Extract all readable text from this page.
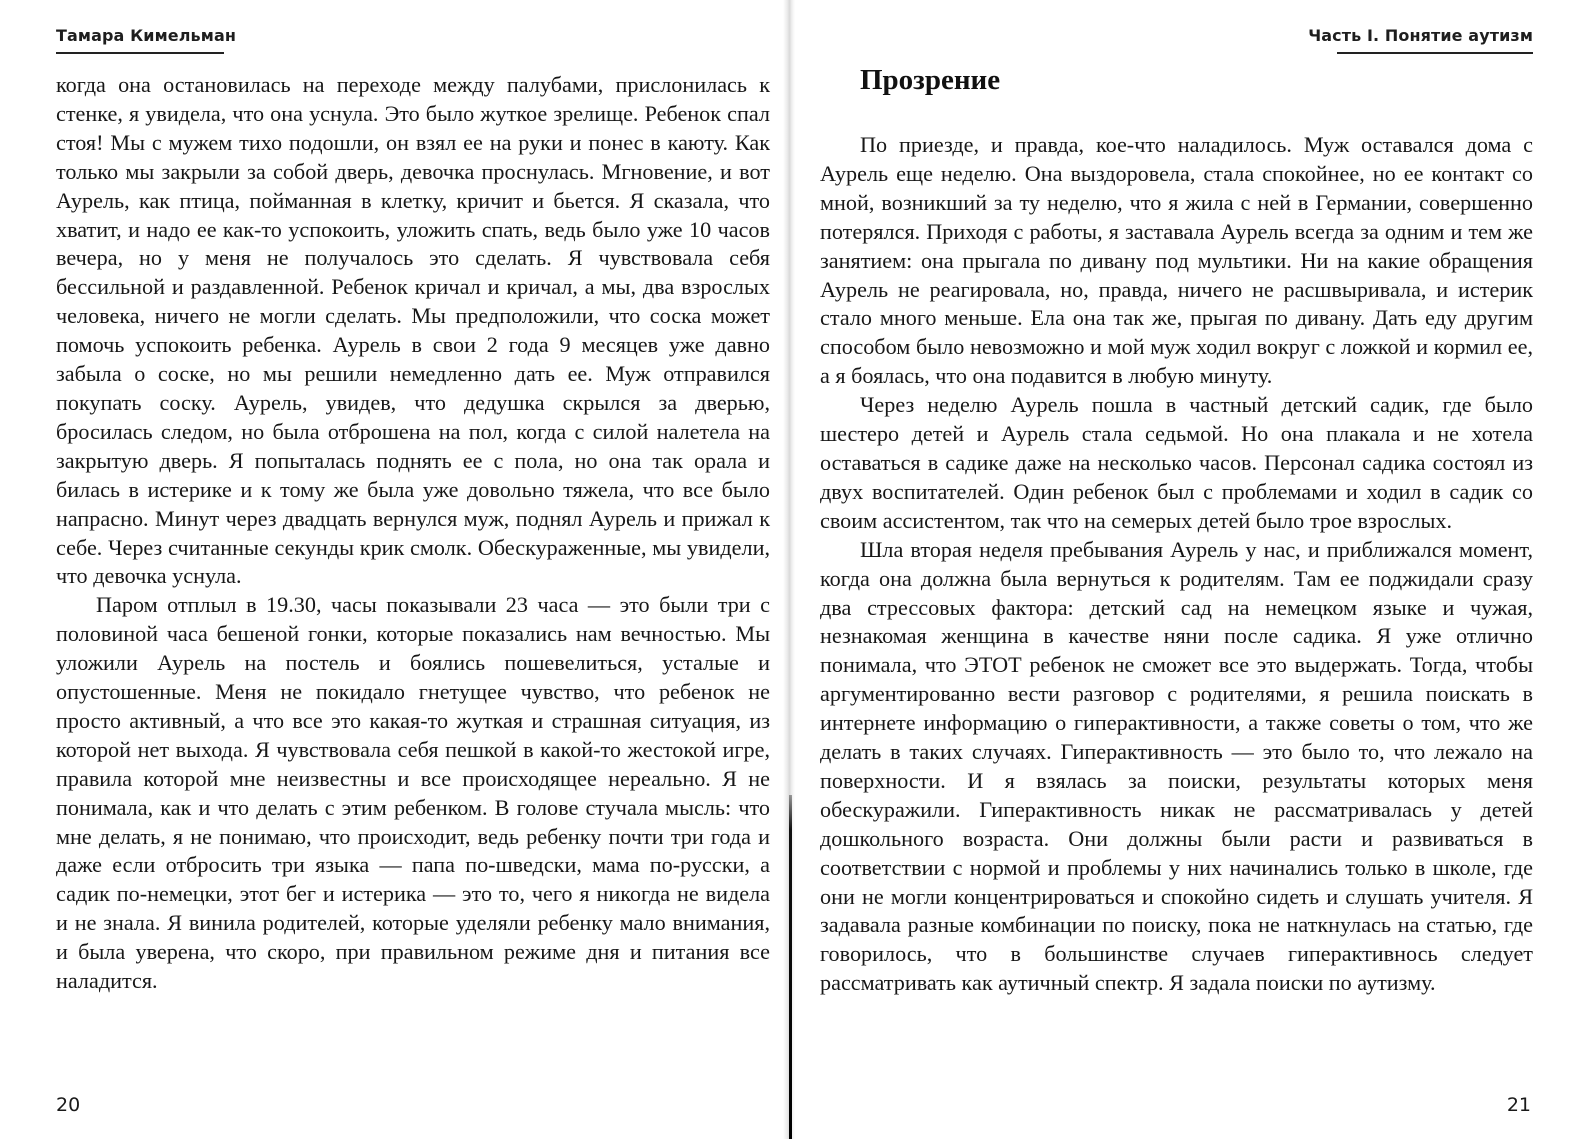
Тамара Кимельман

когда она остановилась на переходе между палубами, прислонилась к стенке, я увидела, что она уснула. Это было жуткое зрелище. Ребенок спал стоя! Мы с мужем тихо подошли, он взял ее на руки и понес в каюту. Как только мы закрыли за собой дверь, девочка проснулась. Мгновение, и вот Аурель, как птица, пойманная в клетку, кричит и бьется. Я сказала, что хватит, и надо ее как-то успокоить, уложить спать, ведь было уже 10 часов вечера, но у меня не получалось это сделать. Я чувствовала себя бессильной и раздавленной. Ребенок кричал и кричал, а мы, два взрослых человека, ничего не могли сделать. Мы предположили, что соска может помочь успокоить ребенка. Аурель в свои 2 года 9 месяцев уже давно забыла о соске, но мы решили немедленно дать ее. Муж отправился покупать соску. Аурель, увидев, что дедушка скрылся за дверью, бросилась следом, но была отброшена на пол, когда с силой налетела на закрытую дверь. Я попыталась поднять ее с пола, но она так орала и билась в истерике и к тому же была уже довольно тяжела, что все было напрасно. Минут через двадцать вернулся муж, поднял Аурель и прижал к себе. Через считанные секунды крик смолк. Обескураженные, мы увидели, что девочка уснула.

Паром отплыл в 19.30, часы показывали 23 часа — это были три с половиной часа бешеной гонки, которые показались нам вечностью. Мы уложили Аурель на постель и боялись пошевелиться, усталые и опустошенные. Меня не покидало гнетущее чувство, что ребенок не просто активный, а что все это какая-то жуткая и страшная ситуация, из которой нет выхода. Я чувствовала себя пешкой в какой-то жестокой игре, правила которой мне неизвестны и все происходящее нереально. Я не понимала, как и что делать с этим ребенком. В голове стучала мысль: что мне делать, я не понимаю, что происходит, ведь ребенку почти три года и даже если отбросить три языка — папа по-шведски, мама по-русски, а садик по-немецки, этот бег и истерика — это то, чего я никогда не видела и не знала. Я винила родителей, которые уделяли ребенку мало внимания, и была уверена, что скоро, при правильном режиме дня и питания все наладится.

20
Часть I. Понятие аутизм
Прозрение

По приезде, и правда, кое-что наладилось. Муж оставался дома с Аурель еще неделю. Она выздоровела, стала спокойнее, но ее контакт со мной, возникший за ту неделю, что я жила с ней в Германии, совершенно потерялся. Приходя с работы, я заставала Аурель всегда за одним и тем же занятием: она прыгала по дивану под мультики. Ни на какие обращения Аурель не реагировала, но, правда, ничего не расшвыривала, и истерик стало много меньше. Ела она так же, прыгая по дивану. Дать еду другим способом было невозможно и мой муж ходил вокруг с ложкой и кормил ее, а я боялась, что она подавится в любую минуту.

Через неделю Аурель пошла в частный детский садик, где было шестеро детей и Аурель стала седьмой. Но она плакала и не хотела оставаться в садике даже на несколько часов. Персонал садика состоял из двух воспитателей. Один ребенок был с проблемами и ходил в садик со своим ассистентом, так что на семерых детей было трое взрослых.

Шла вторая неделя пребывания Аурель у нас, и приближался момент, когда она должна была вернуться к родителям. Там ее поджидали сразу два стрессовых фактора: детский сад на немецком языке и чужая, незнакомая женщина в качестве няни после садика. Я уже отлично понимала, что ЭТОТ ребенок не сможет все это выдержать. Тогда, чтобы аргументированно вести разговор с родителями, я решила поискать в интернете информацию о гиперактивности, а также советы о том, что же делать в таких случаях. Гиперактивность — это было то, что лежало на поверхности. И я взялась за поиски, результаты которых меня обескуражили. Гиперактивность никак не рассматривалась у детей дошкольного возраста. Они должны были расти и развиваться в соответствии с нормой и проблемы у них начинались только в школе, где они не могли концентрироваться и спокойно сидеть и слушать учителя. Я задавала разные комбинации по поиску, пока не наткнулась на статью, где говорилось, что в большинстве случаев гиперактивнось следует рассматривать как аутичный спектр. Я задала поиски по аутизму.

21
